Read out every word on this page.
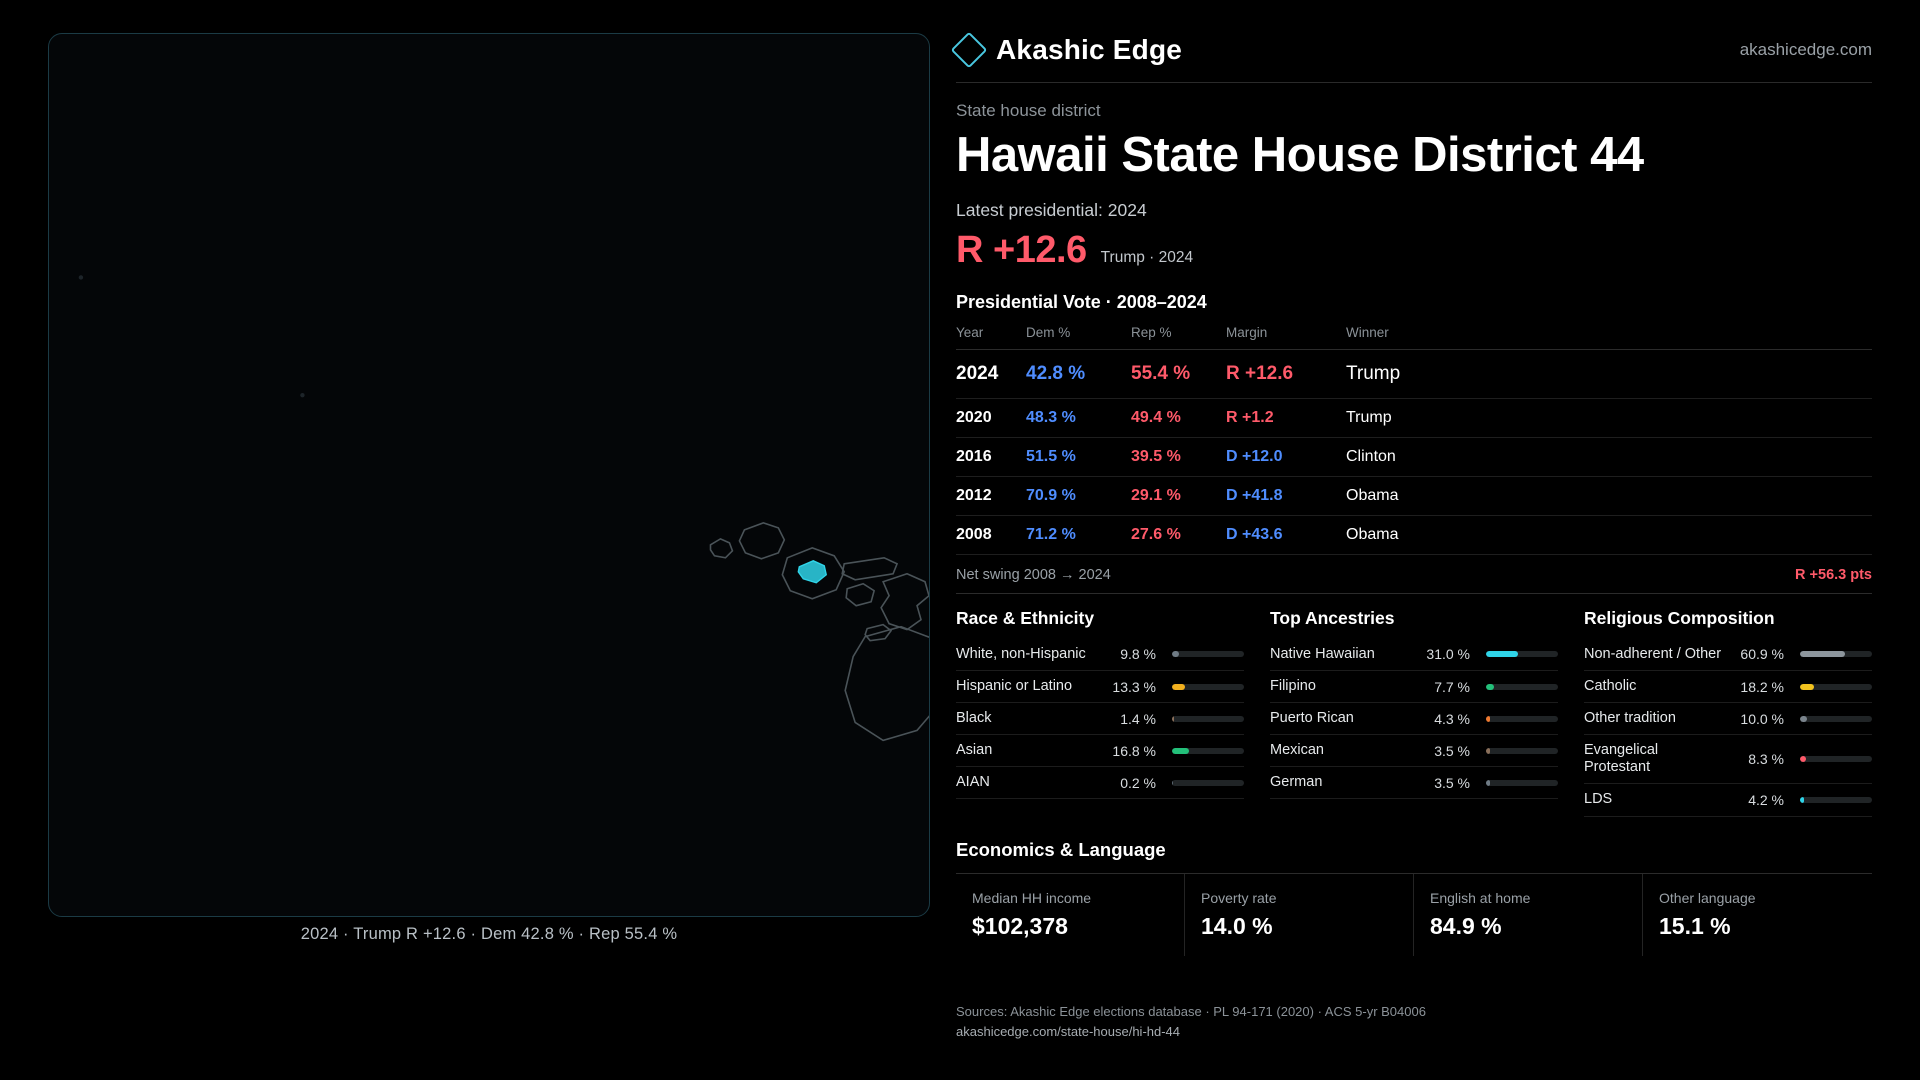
2024 · Trump R +12.6 · Dem 42.8 % · Rep 55.4 %
Akashic Edge	akashicedge.com
State house district
Hawaii State House District 44
Latest presidential: 2024
R +12.6 Trump · 2024
Presidential Vote · 2008–2024
Year	Dem %	Rep %	Margin	Winner
2024	42.8 %	55.4 %	R +12.6	Trump
2020	48.3 %	49.4 %	R +1.2	Trump
2016	51.5 %	39.5 %	D +12.0	Clinton
2012	70.9 %	29.1 %	D +41.8	Obama
2008	71.2 %	27.6 %	D +43.6	Obama
Net swing 2008 → 2024	R +56.3 pts
Race & Ethnicity
White, non-Hispanic	9.8 %
Hispanic or Latino	13.3 %
Black	1.4 %
Asian	16.8 %
AIAN	0.2 %
Top Ancestries
Native Hawaiian	31.0 %
Filipino	7.7 %
Puerto Rican	4.3 %
Mexican	3.5 %
German	3.5 %
Religious Composition
Non-adherent / Other	60.9 %
Catholic	18.2 %
Other tradition	10.0 %
Evangelical Protestant	8.3 %
LDS	4.2 %
Economics & Language
Median HH income
$102,378
Poverty rate
14.0 %
English at home
84.9 %
Other language
15.1 %
Sources: Akashic Edge elections database · PL 94-171 (2020) · ACS 5-yr B04006
akashicedge.com/state-house/hi-hd-44
